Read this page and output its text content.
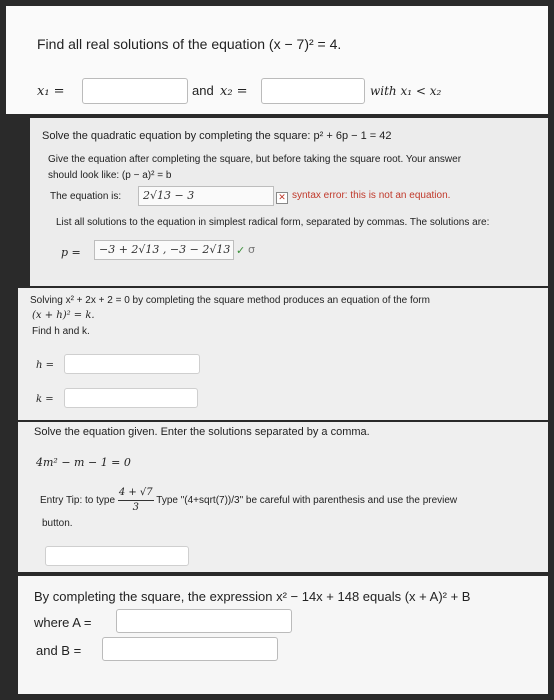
Find all real solutions of the equation (x − 7)² = 4.
x₁ =	and x₂ =	with x₁ < x₂
Solve the quadratic equation by completing the square: p² + 6p − 1 = 42
Give the equation after completing the square, but before taking the square root. Your answer
should look like: (p − a)² = b
The equation is:	2√13 − 3	✕ syntax error: this is not an equation.
List all solutions to the equation in simplest radical form, separated by commas. The solutions are:
p =	−3 + 2√13 , −3 − 2√13 ✓ σ
Solving x² + 2x + 2 = 0 by completing the square method produces an equation of the form
(x + h)² = k.
Find h and k.
h =
k =
Solve the equation given. Enter the solutions separated by a comma.
4m² − m − 1 = 0
Entry Tip: to type $\frac{4 + √7}{3}$ Type "(4+sqrt(7))/3" be careful with parenthesis and use the preview
button.
By completing the square, the expression x² − 14x + 148 equals (x + A)² + B
where A =
and B =
